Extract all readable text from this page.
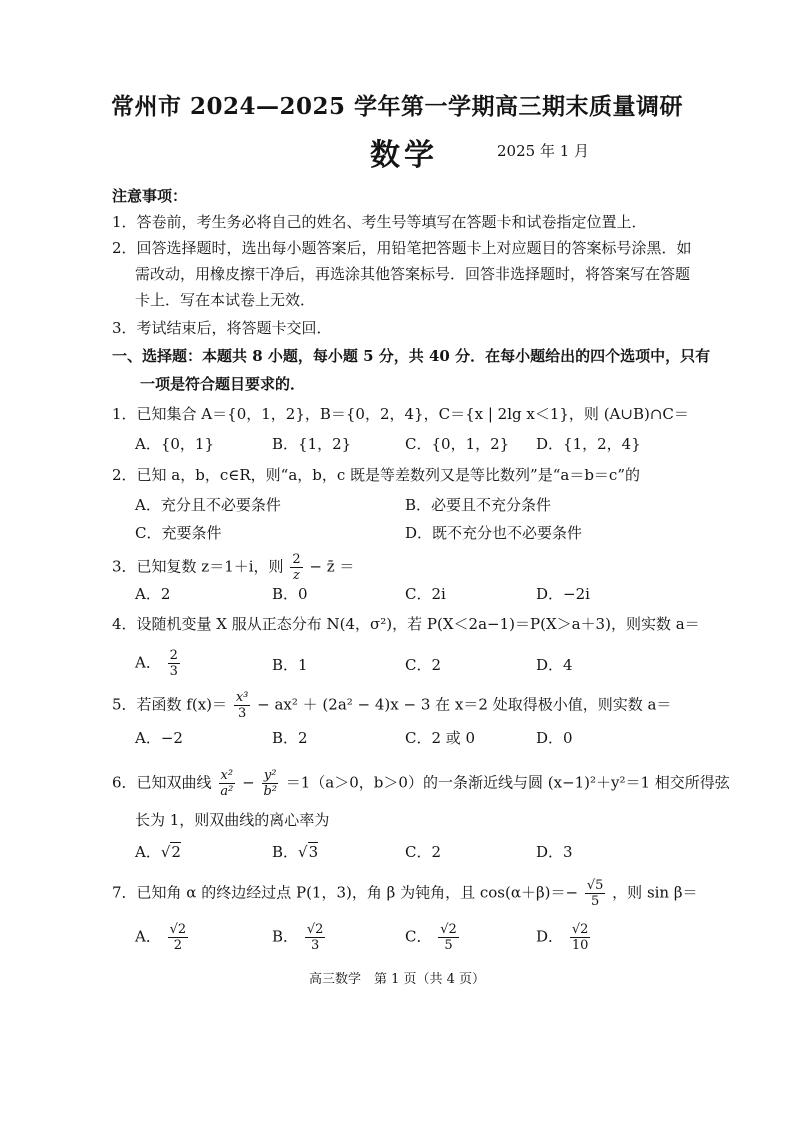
常州市 2024—2025 学年第一学期高三期末质量调研
数学	2025 年 1 月
注意事项：
1．答卷前，考生务必将自己的姓名、考生号等填写在答题卡和试卷指定位置上．
2．回答选择题时，选出每小题答案后，用铅笔把答题卡上对应题目的答案标号涂黑．如
需改动，用橡皮擦干净后，再选涂其他答案标号．回答非选择题时，将答案写在答题
卡上．写在本试卷上无效．
3．考试结束后，将答题卡交回．
一、选择题：本题共 8 小题，每小题 5 分，共 40 分．在每小题给出的四个选项中，只有
一项是符合题目要求的．
1．已知集合 A＝{0，1，2}，B＝{0，2，4}，C＝{x | 2lg x＜1}，则 (A∪B)∩C＝
A．{0，1}	B．{1，2}	C．{0，1，2} D．{1，2，4}
2．已知 a，b，c∈R，则“a，b，c 既是等差数列又是等比数列”是“a＝b＝c”的
A．充分且不必要条件	B．必要且不充分条件
C．充要条件	D．既不充分也不必要条件
3．已知复数 z＝1＋i，则 $\frac{2}{z}$ − z̄ ＝
A．2	B．0	C．2i	D．−2i
4．设随机变量 X 服从正态分布 N(4，σ²)，若 P(X＜2a−1)＝P(X＞a＋3)，则实数 a＝
A． $\frac{2}{3}$	B．1	C．2	D．4
5．若函数 $f(x)= \frac{\text{x³}}{3} - ax^2 + (2a^2 - 4)x - 3$ 在 x＝2 处取得极小值，则实数 a＝
A．−2	B．2	C．2 或 0	D．0
6．已知双曲线 $\frac{\text{x²}}{\text{a²}} - \frac{\text{y²}}{\text{b²}} =1(a>0$，b＞0）的一条渐近线与圆 (x−1)²＋y²＝1 相交所得弦
长为 1，则双曲线的离心率为
A．√2	B．√3	C．2	D．3
7．已知角 α 的终边经过点 P(1，3)，角 β 为钝角，且 $\cos(\alpha+\beta)=- \frac{√5}{5}$ ，则 sin β＝
A． $\frac{√2}{2}$	B． $\frac{√2}{3}$	C． $\frac{√2}{5}$	D． $\frac{√2}{10}$
高三数学　第 1 页（共 4 页）
